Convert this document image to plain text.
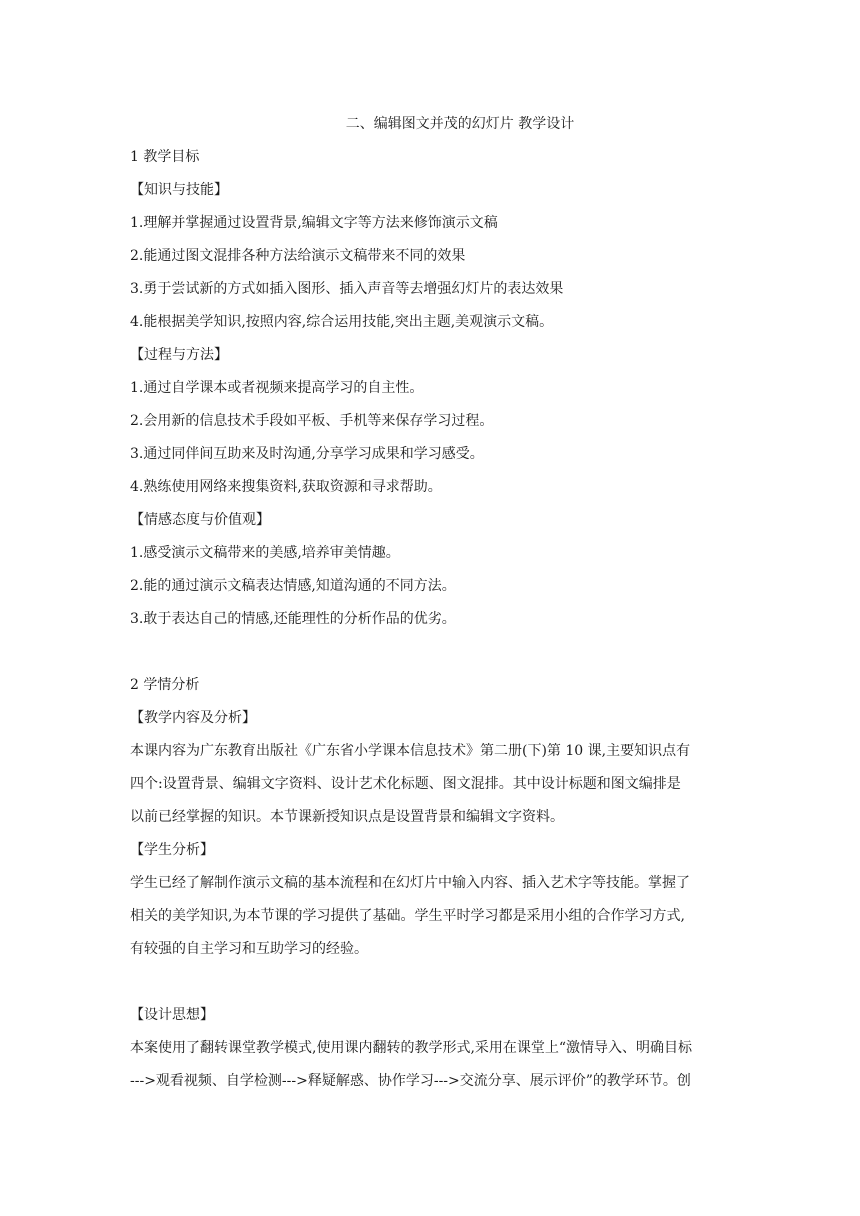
二、编辑图文并茂的幻灯片 教学设计

1 教学目标

【知识与技能】

1.理解并掌握通过设置背景,编辑文字等方法来修饰演示文稿

2.能通过图文混排各种方法给演示文稿带来不同的效果

3.勇于尝试新的方式如插入图形、插入声音等去增强幻灯片的表达效果

4.能根据美学知识,按照内容,综合运用技能,突出主题,美观演示文稿。

【过程与方法】

1.通过自学课本或者视频来提高学习的自主性。

2.会用新的信息技术手段如平板、手机等来保存学习过程。

3.通过同伴间互助来及时沟通,分享学习成果和学习感受。

4.熟练使用网络来搜集资料,获取资源和寻求帮助。

【情感态度与价值观】

1.感受演示文稿带来的美感,培养审美情趣。

2.能的通过演示文稿表达情感,知道沟通的不同方法。

3.敢于表达自己的情感,还能理性的分析作品的优劣。

2 学情分析

【教学内容及分析】

本课内容为广东教育出版社《广东省小学课本信息技术》第二册(下)第 10 课,主要知识点有

四个:设置背景、编辑文字资料、设计艺术化标题、图文混排。其中设计标题和图文编排是

以前已经掌握的知识。本节课新授知识点是设置背景和编辑文字资料。

【学生分析】

学生已经了解制作演示文稿的基本流程和在幻灯片中输入内容、插入艺术字等技能。掌握了

相关的美学知识,为本节课的学习提供了基础。学生平时学习都是采用小组的合作学习方式,

有较强的自主学习和互助学习的经验。

【设计思想】

本案使用了翻转课堂教学模式,使用课内翻转的教学形式,采用在课堂上“激情导入、明确目标

--->观看视频、自学检测--->释疑解惑、协作学习--->交流分享、展示评价”的教学环节。创
